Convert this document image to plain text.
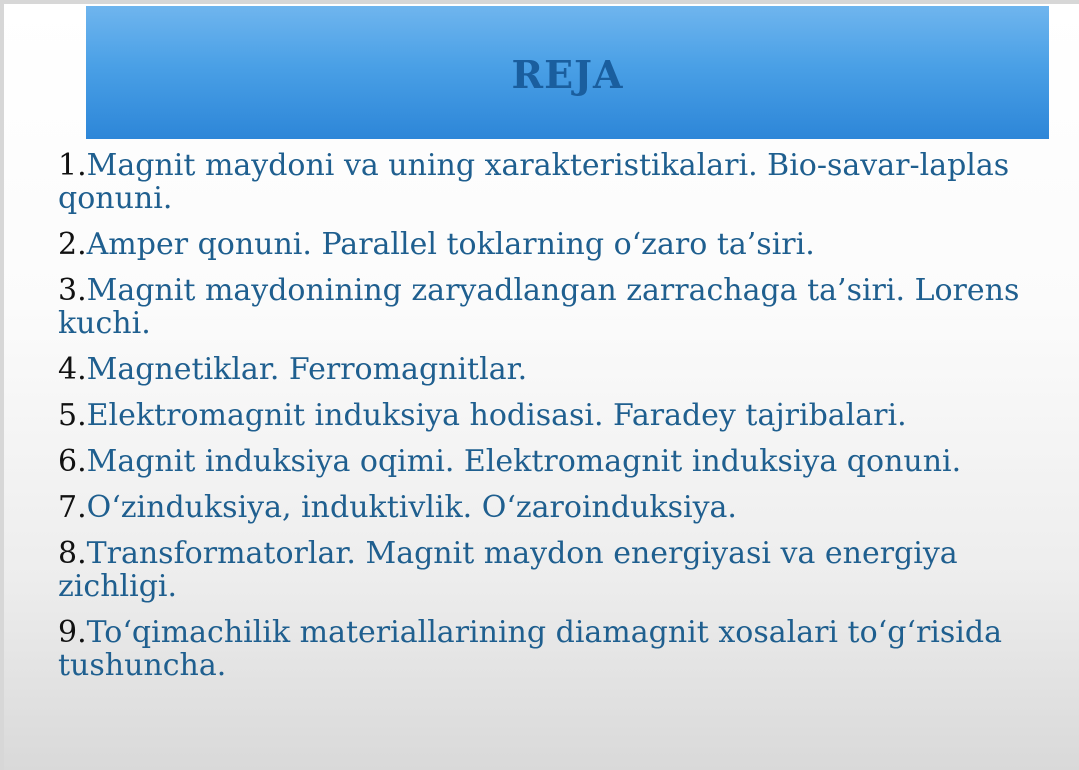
REJA
1.Magnit maydoni va uning xarakteristikalari. Bio-savar-laplas qonuni.
2.Amper qonuni. Parallel toklarning o‘zaro ta’siri.
3.Magnit maydonining zaryadlangan zarrachaga ta’siri. Lorens kuchi.
4.Magnetiklar. Ferromagnitlar.
5.Elektromagnit induksiya hodisasi. Faradey tajribalari.
6.Magnit induksiya oqimi. Elektromagnit induksiya qonuni.
7.O‘zinduksiya, induktivlik. O‘zaroinduksiya.
8.Transformatorlar. Magnit maydon energiyasi va energiya zichligi.
9.To‘qimachilik materiallarining diamagnit xosalari to‘g‘risida tushuncha.
